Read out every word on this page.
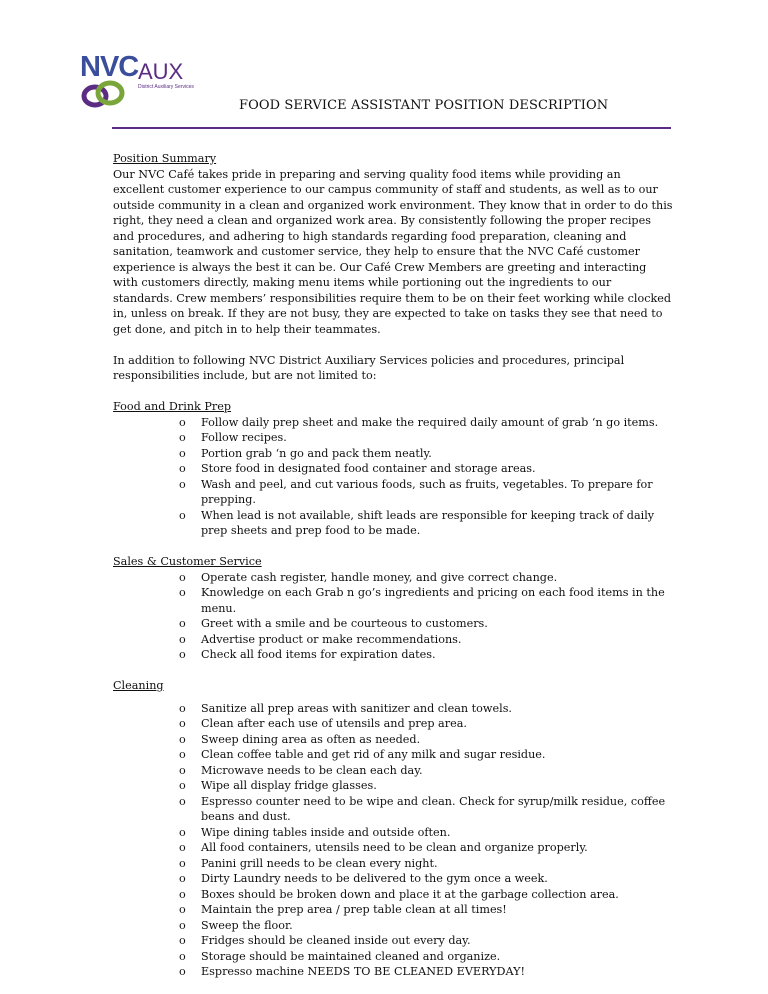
NVC AUX
District Auxiliary Services
FOOD SERVICE ASSISTANT POSITION DESCRIPTION
Position Summary

Our NVC Café takes pride in preparing and serving quality food items while providing an excellent customer experience to our campus community of staff and students, as well as to our outside community in a clean and organized work environment. They know that in order to do this right, they need a clean and organized work area. By consistently following the proper recipes and procedures, and adhering to high standards regarding food preparation, cleaning and sanitation, teamwork and customer service, they help to ensure that the NVC Café customer experience is always the best it can be. Our Café Crew Members are greeting and interacting with customers directly, making menu items while portioning out the ingredients to our standards. Crew members’ responsibilities require them to be on their feet working while clocked in, unless on break. If they are not busy, they are expected to take on tasks they see that need to get done, and pitch in to help their teammates.

In addition to following NVC District Auxiliary Services policies and procedures, principal responsibilities include, but are not limited to:

Food and Drink Prep
o Follow daily prep sheet and make the required daily amount of grab ‘n go items.
o Follow recipes.
o Portion grab ‘n go and pack them neatly.
o Store food in designated food container and storage areas.
o Wash and peel, and cut various foods, such as fruits, vegetables. To prepare for prepping.
o When lead is not available, shift leads are responsible for keeping track of daily prep sheets and prep food to be made.
Sales & Customer Service
o Operate cash register, handle money, and give correct change.
o Knowledge on each Grab n go’s ingredients and pricing on each food items in the menu.
o Greet with a smile and be courteous to customers.
o Advertise product or make recommendations.
o Check all food items for expiration dates.
Cleaning
o Sanitize all prep areas with sanitizer and clean towels.
o Clean after each use of utensils and prep area.
o Sweep dining area as often as needed.
o Clean coffee table and get rid of any milk and sugar residue.
o Microwave needs to be clean each day.
o Wipe all display fridge glasses.
o Espresso counter need to be wipe and clean. Check for syrup/milk residue, coffee beans and dust.
o Wipe dining tables inside and outside often.
o All food containers, utensils need to be clean and organize properly.
o Panini grill needs to be clean every night.
o Dirty Laundry needs to be delivered to the gym once a week.
o Boxes should be broken down and place it at the garbage collection area.
o Maintain the prep area / prep table clean at all times!
o Sweep the floor.
o Fridges should be cleaned inside out every day.
o Storage should be maintained cleaned and organize.
o Espresso machine NEEDS TO BE CLEANED EVERYDAY!
